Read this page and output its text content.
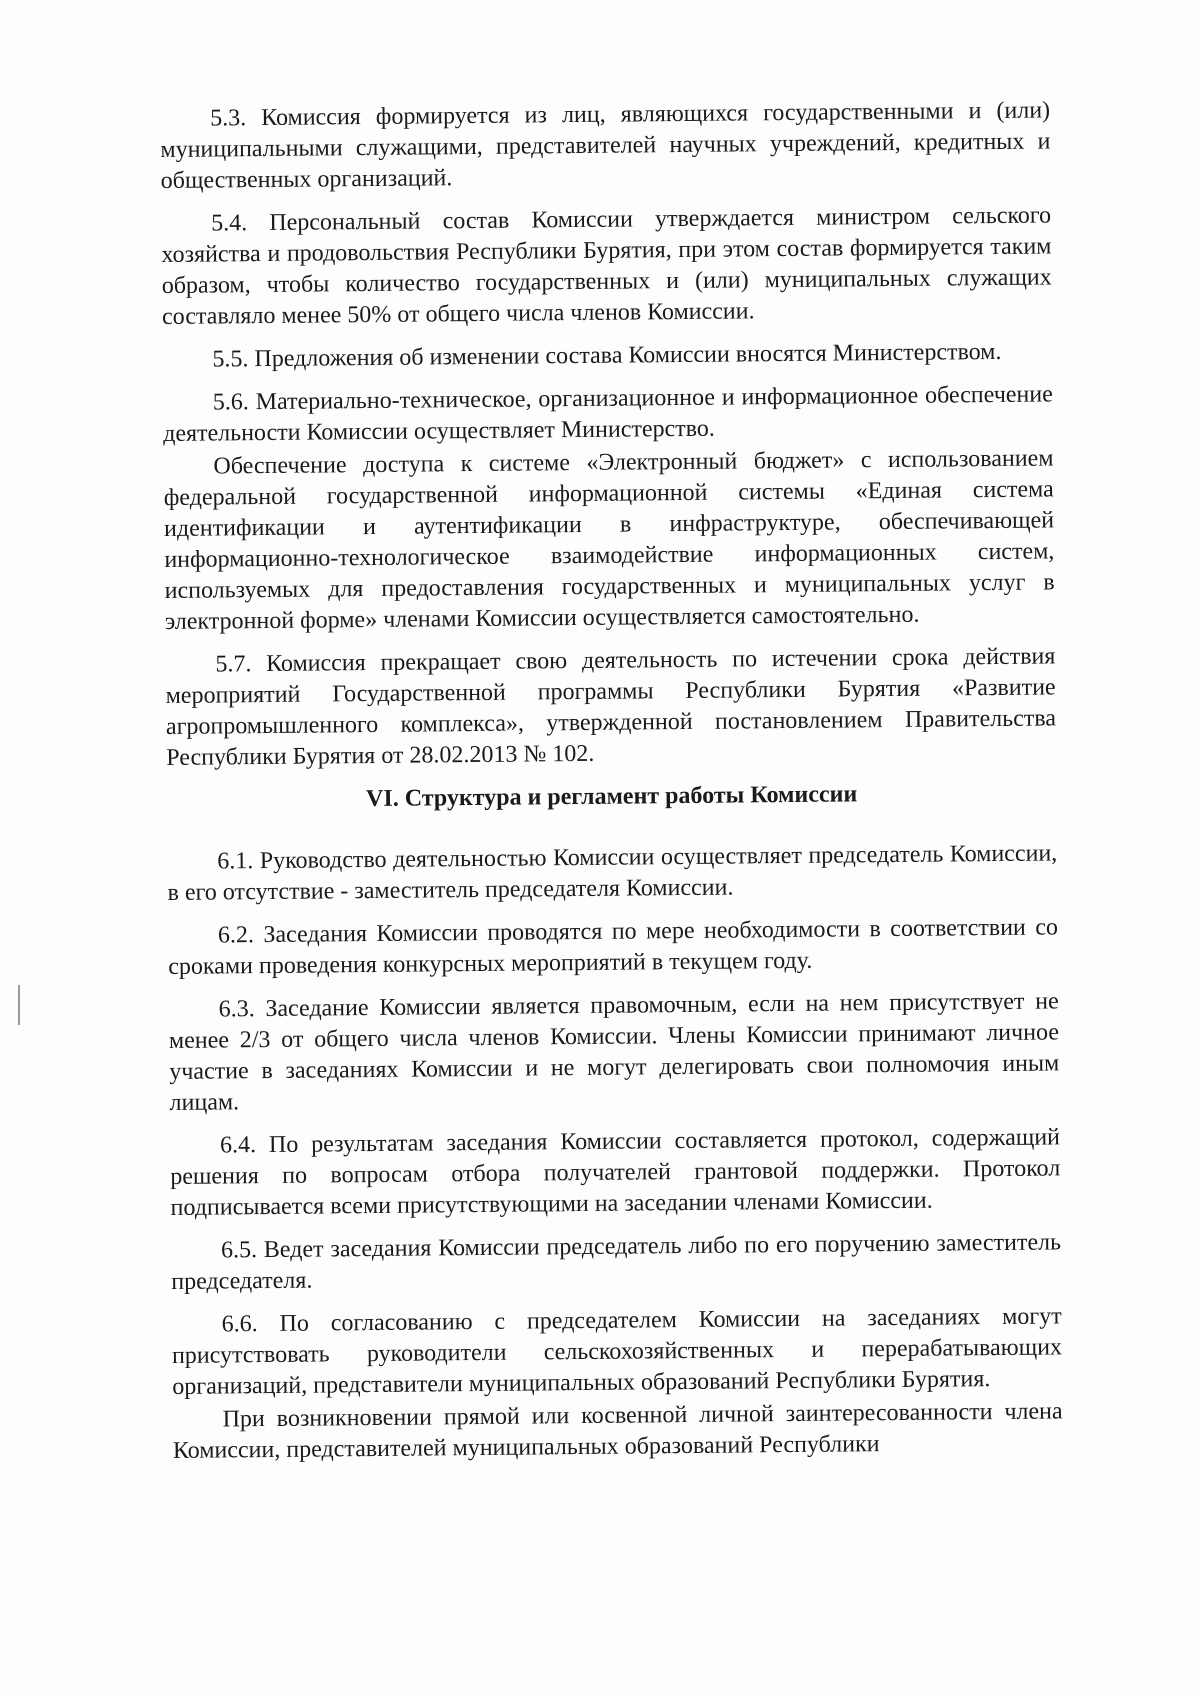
5.3. Комиссия формируется из лиц, являющихся государственными и (или) муниципальными служащими, представителей научных учреждений, кредитных и общественных организаций.

5.4. Персональный состав Комиссии утверждается министром сельского хозяйства и продовольствия Республики Бурятия, при этом состав формируется таким образом, чтобы количество государственных и (или) муниципальных служащих составляло менее 50% от общего числа членов Комиссии.

5.5. Предложения об изменении состава Комиссии вносятся Министерством.

5.6. Материально-техническое, организационное и информационное обеспечение деятельности Комиссии осуществляет Министерство.

Обеспечение доступа к системе «Электронный бюджет» с использованием федеральной государственной информационной системы «Единая система идентификации и аутентификации в инфраструктуре, обеспечивающей информационно-технологическое взаимодействие информационных систем, используемых для предоставления государственных и муниципальных услуг в электронной форме» членами Комиссии осуществляется самостоятельно.

5.7. Комиссия прекращает свою деятельность по истечении срока действия мероприятий Государственной программы Республики Бурятия «Развитие агропромышленного комплекса», утвержденной постановлением Правительства Республики Бурятия от 28.02.2013 № 102.

VI. Структура и регламент работы Комиссии

6.1. Руководство деятельностью Комиссии осуществляет председатель Комиссии, в его отсутствие - заместитель председателя Комиссии.

6.2. Заседания Комиссии проводятся по мере необходимости в соответствии со сроками проведения конкурсных мероприятий в текущем году.

6.3. Заседание Комиссии является правомочным, если на нем присутствует не менее 2/3 от общего числа членов Комиссии. Члены Комиссии принимают личное участие в заседаниях Комиссии и не могут делегировать свои полномочия иным лицам.

6.4. По результатам заседания Комиссии составляется протокол, содержащий решения по вопросам отбора получателей грантовой поддержки. Протокол подписывается всеми присутствующими на заседании членами Комиссии.

6.5. Ведет заседания Комиссии председатель либо по его поручению заместитель председателя.

6.6. По согласованию с председателем Комиссии на заседаниях могут присутствовать руководители сельскохозяйственных и перерабатывающих организаций, представители муниципальных образований Республики Бурятия.

При возникновении прямой или косвенной личной заинтересованности члена Комиссии, представителей муниципальных образований Республики
